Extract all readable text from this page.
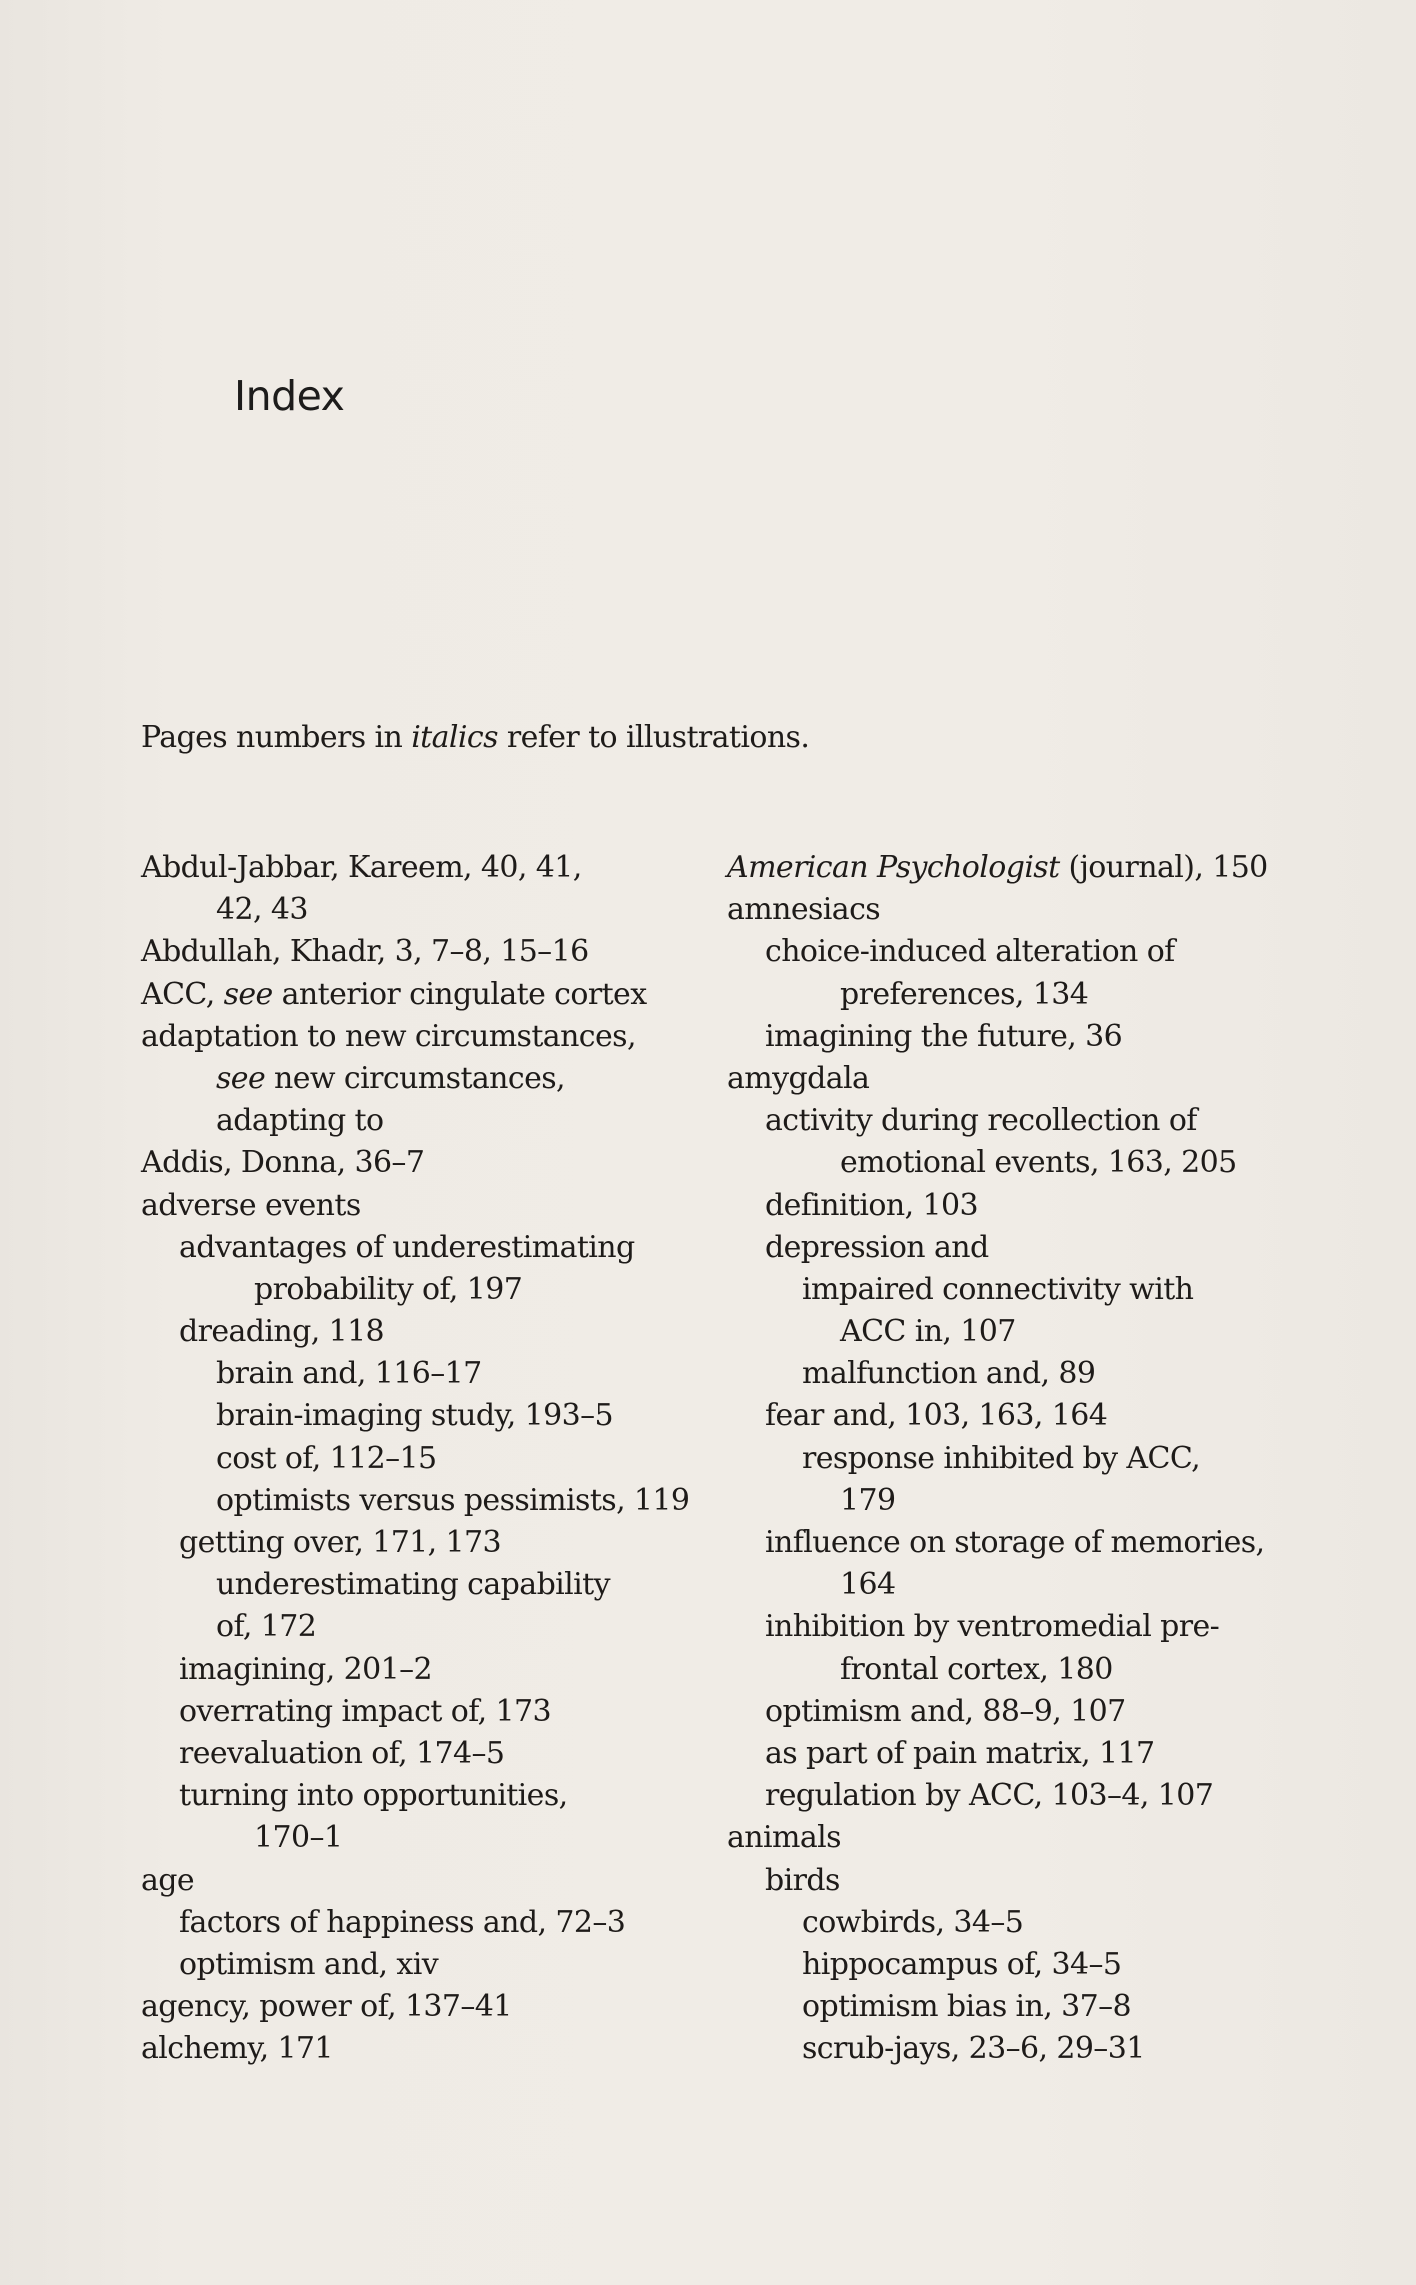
Index
Pages numbers in italics refer to illustrations.
Abdul-Jabbar, Kareem, 40, 41,
42, 43
Abdullah, Khadr, 3, 7–8, 15–16
ACC, see anterior cingulate cortex
adaptation to new circumstances,
see new circumstances,
adapting to
Addis, Donna, 36–7
adverse events
advantages of underestimating
probability of, 197
dreading, 118
brain and, 116–17
brain-imaging study, 193–5
cost of, 112–15
optimists versus pessimists, 119
getting over, 171, 173
underestimating capability
of, 172
imagining, 201–2
overrating impact of, 173
reevaluation of, 174–5
turning into opportunities,
170–1
age
factors of happiness and, 72–3
optimism and, xiv
agency, power of, 137–41
alchemy, 171
American Psychologist (journal), 150
amnesiacs
choice-induced alteration of
preferences, 134
imagining the future, 36
amygdala
activity during recollection of
emotional events, 163, 205
definition, 103
depression and
impaired connectivity with
ACC in, 107
malfunction and, 89
fear and, 103, 163, 164
response inhibited by ACC,
179
influence on storage of memories,
164
inhibition by ventromedial pre-
frontal cortex, 180
optimism and, 88–9, 107
as part of pain matrix, 117
regulation by ACC, 103–4, 107
animals
birds
cowbirds, 34–5
hippocampus of, 34–5
optimism bias in, 37–8
scrub-jays, 23–6, 29–31
